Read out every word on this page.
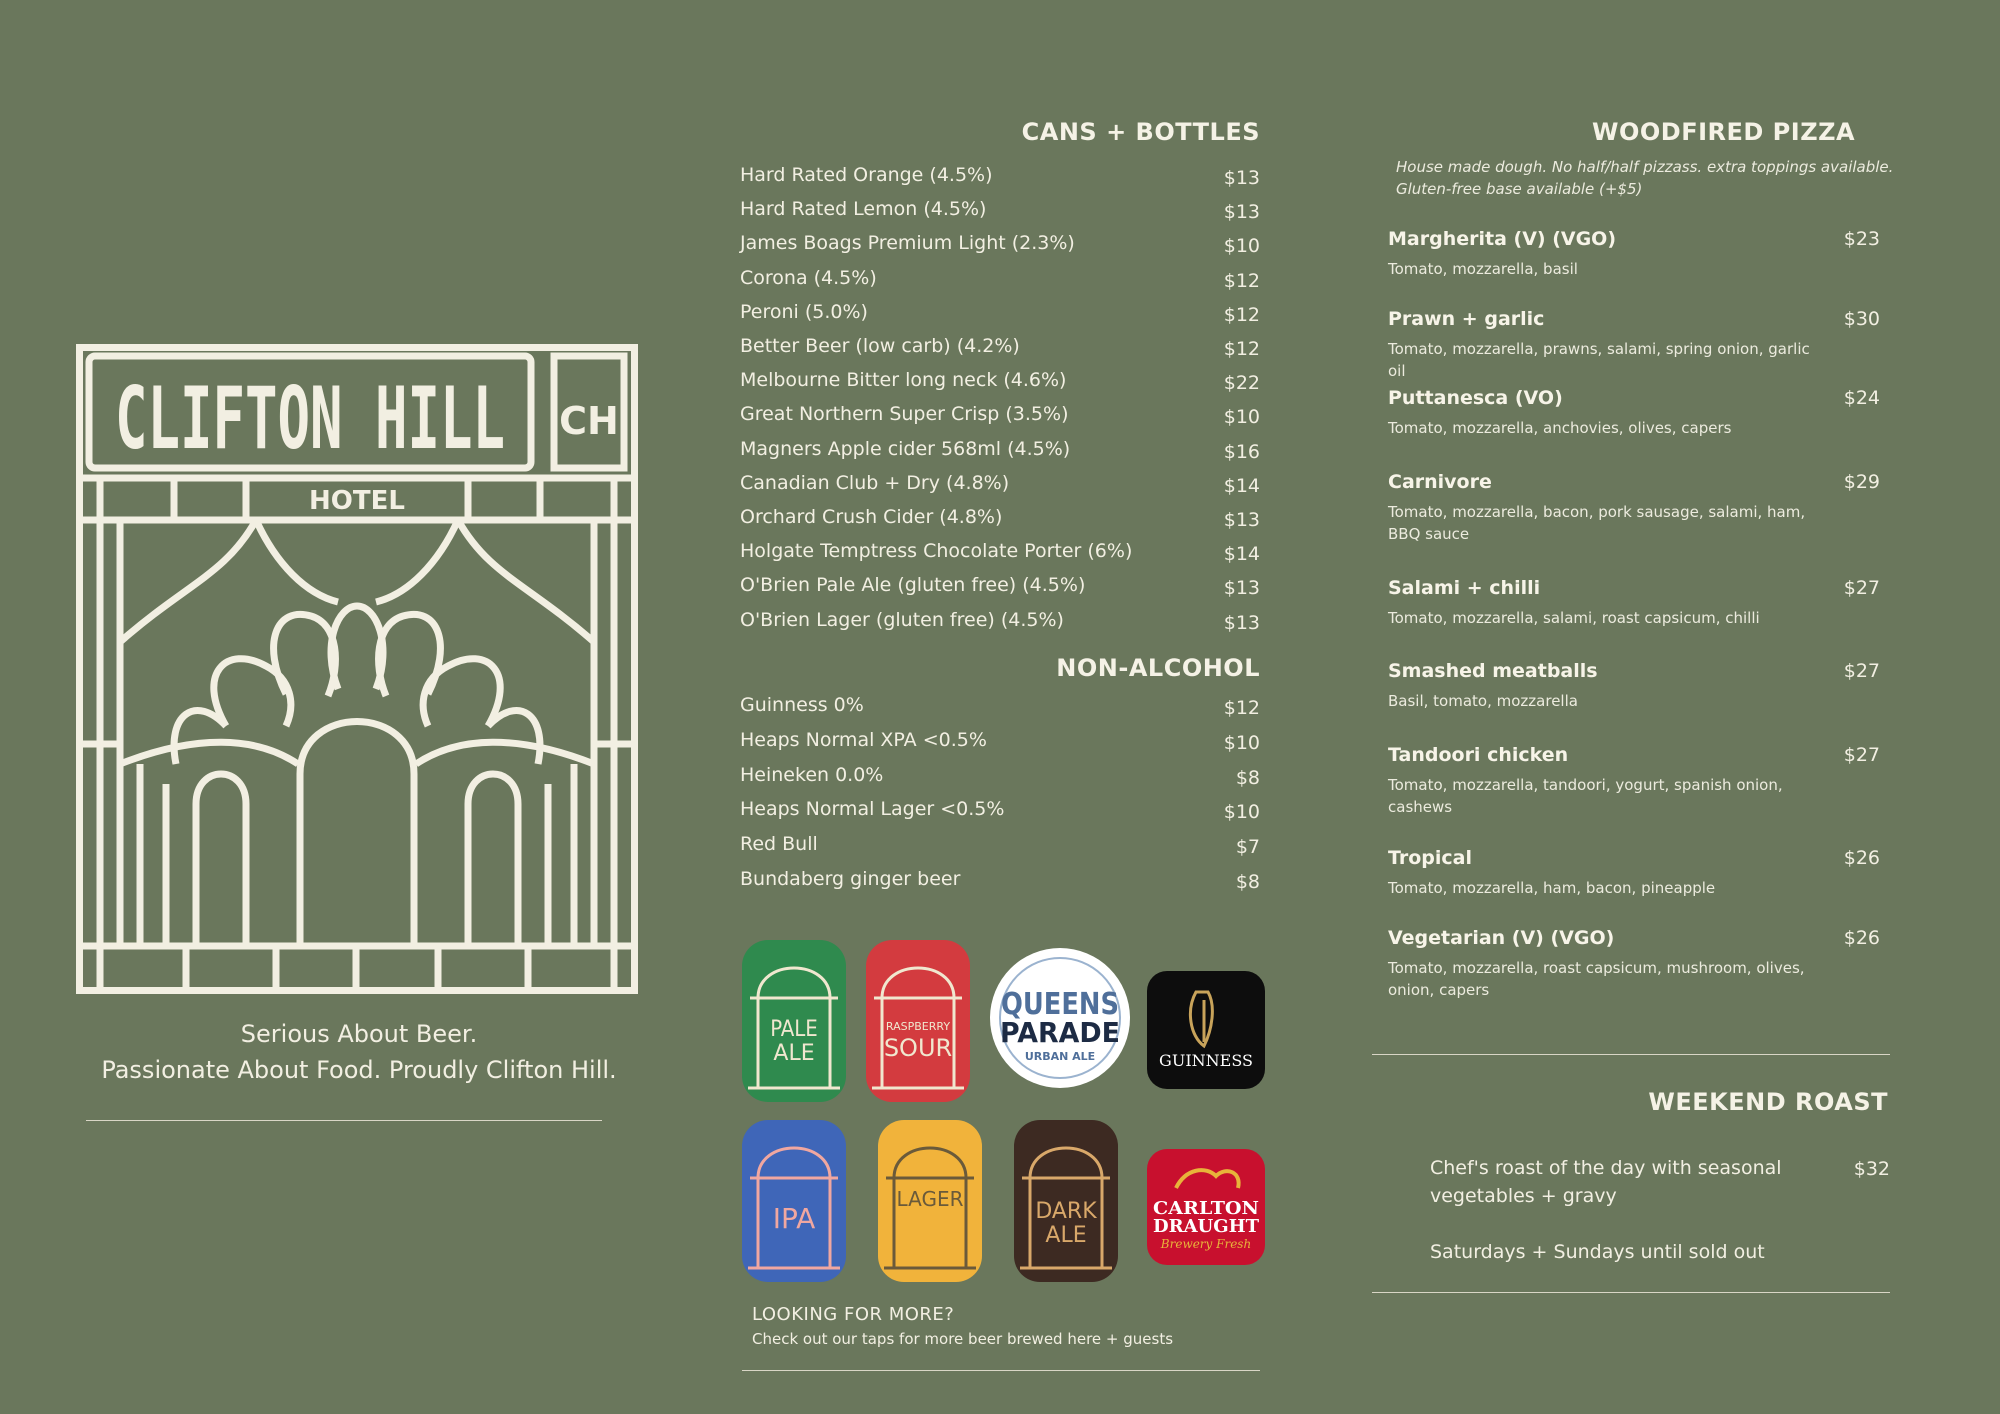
CLIFTON HILL CH
HOTEL
Serious About Beer.
Passionate About Food. Proudly Clifton Hill.
CANS + BOTTLES
Hard Rated Orange (4.5%)	$13
Hard Rated Lemon (4.5%)	$13
James Boags Premium Light (2.3%)	$10
Corona (4.5%)	$12
Peroni (5.0%)	$12
Better Beer (low carb) (4.2%)	$12
Melbourne Bitter long neck (4.6%)	$22
Great Northern Super Crisp (3.5%)	$10
Magners Apple cider 568ml (4.5%)	$16
Canadian Club + Dry (4.8%)	$14
Orchard Crush Cider (4.8%)	$13
Holgate Temptress Chocolate Porter (6%)	$14
O'Brien Pale Ale (gluten free) (4.5%)	$13
O'Brien Lager (gluten free) (4.5%)	$13
NON-ALCOHOL
Guinness 0%	$12
Heaps Normal XPA <0.5%	$10
Heineken 0.0%	$8
Heaps Normal Lager <0.5%	$10
Red Bull	$7
Bundaberg ginger beer	$8
PALE
ALE
RASPBERRY
SOUR
QUEENS
PARADE
URBAN ALE	GUINNESS
IPA
LAGER	DARK
ALE
CARLTON
DRAUGHT
Brewery Fresh
LOOKING FOR MORE?
Check out our taps for more beer brewed here + guests
WOODFIRED PIZZA
House made dough. No half/half pizzass. extra toppings available.
Gluten-free base available (+$5)
Margherita (V) (VGO)	$23
Tomato, mozzarella, basil
Prawn + garlic	$30
Tomato, mozzarella, prawns, salami, spring onion, garlic oil
Puttanesca (VO)	$24
Tomato, mozzarella, anchovies, olives, capers
Carnivore	$29
Tomato, mozzarella, bacon, pork sausage, salami, ham, BBQ sauce
Salami + chilli	$27
Tomato, mozzarella, salami, roast capsicum, chilli
Smashed meatballs	$27
Basil, tomato, mozzarella
Tandoori chicken	$27
Tomato, mozzarella, tandoori, yogurt, spanish onion, cashews
Tropical	$26
Tomato, mozzarella, ham, bacon, pineapple
Vegetarian (V) (VGO)	$26
Tomato, mozzarella, roast capsicum, mushroom, olives, onion, capers
WEEKEND ROAST
Chef's roast of the day with seasonal vegetables + gravy
$32
Saturdays + Sundays until sold out
